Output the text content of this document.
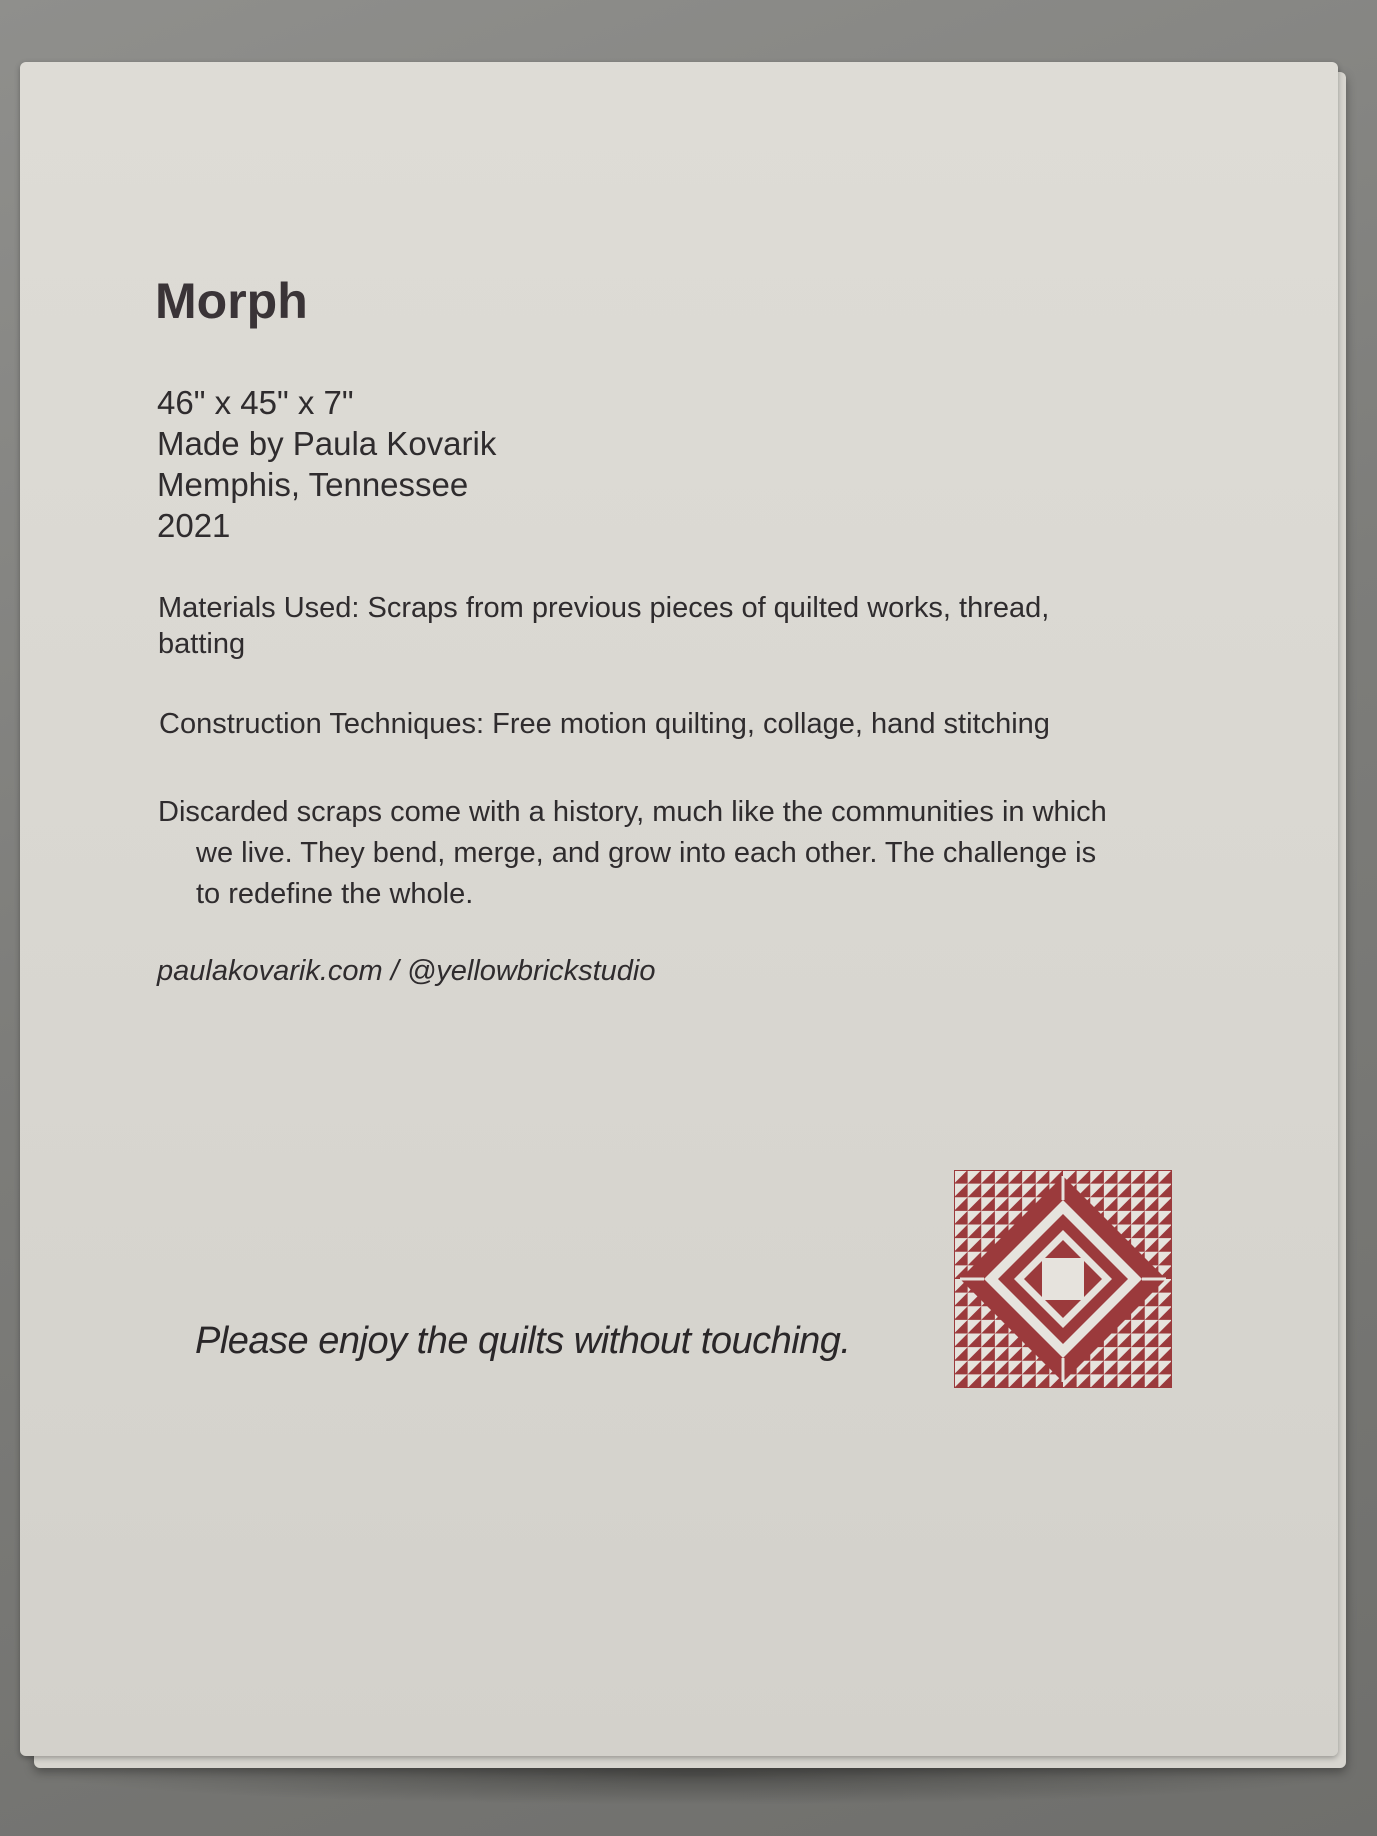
Morph
46" x 45" x 7"
Made by Paula Kovarik
Memphis, Tennessee
2021
Materials Used: Scraps from previous pieces of quilted works, thread, batting
Construction Techniques: Free motion quilting, collage, hand stitching
Discarded scraps come with a history, much like the communities in which
we live. They bend, merge, and grow into each other. The challenge is
to redefine the whole.
paulakovarik.com / @yellowbrickstudio
Please enjoy the quilts without touching.
